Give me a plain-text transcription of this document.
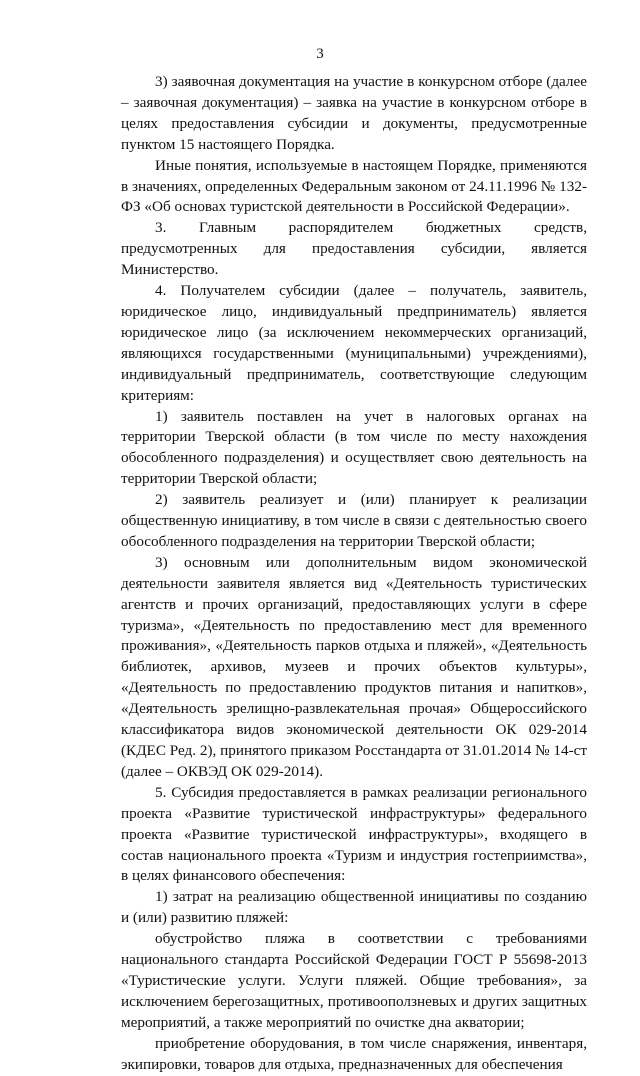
3

3) заявочная документация на участие в конкурсном отборе (далее – заявочная документация) – заявка на участие в конкурсном отборе в целях предоставления субсидии и документы, предусмотренные пунктом 15 настоящего Порядка.

Иные понятия, используемые в настоящем Порядке, применяются в значениях, определенных Федеральным законом от 24.11.1996 № 132-ФЗ «Об основах туристской деятельности в Российской Федерации».

3. Главным распорядителем бюджетных средств, предусмотренных для предоставления субсидии, является Министерство.

4. Получателем субсидии (далее – получатель, заявитель, юридическое лицо, индивидуальный предприниматель) является юридическое лицо (за исключением некоммерческих организаций, являющихся государственными (муниципальными) учреждениями), индивидуальный предприниматель, соответствующие следующим критериям:

1) заявитель поставлен на учет в налоговых органах на территории Тверской области (в том числе по месту нахождения обособленного подразделения) и осуществляет свою деятельность на территории Тверской области;

2) заявитель реализует и (или) планирует к реализации общественную инициативу, в том числе в связи с деятельностью своего обособленного подразделения на территории Тверской области;

3) основным или дополнительным видом экономической деятельности заявителя является вид «Деятельность туристических агентств и прочих организаций, предоставляющих услуги в сфере туризма», «Деятельность по предоставлению мест для временного проживания», «Деятельность парков отдыха и пляжей», «Деятельность библиотек, архивов, музеев и прочих объектов культуры», «Деятельность по предоставлению продуктов питания и напитков», «Деятельность зрелищно-развлекательная прочая» Общероссийского классификатора видов экономической деятельности ОК 029-2014 (КДЕС Ред. 2), принятого приказом Росстандарта от 31.01.2014 № 14-ст (далее – ОКВЭД ОК 029-2014).

5. Субсидия предоставляется в рамках реализации регионального проекта «Развитие туристической инфраструктуры» федерального проекта «Развитие туристической инфраструктуры», входящего в состав национального проекта «Туризм и индустрия гостеприимства», в целях финансового обеспечения:

1) затрат на реализацию общественной инициативы по созданию и (или) развитию пляжей:

обустройство пляжа в соответствии с требованиями национального стандарта Российской Федерации ГОСТ Р 55698-2013 «Туристические услуги. Услуги пляжей. Общие требования», за исключением берегозащитных, противооползневых и других защитных мероприятий, а также мероприятий по очистке дна акватории;

приобретение оборудования, в том числе снаряжения, инвентаря, экипировки, товаров для отдыха, предназначенных для обеспечения
